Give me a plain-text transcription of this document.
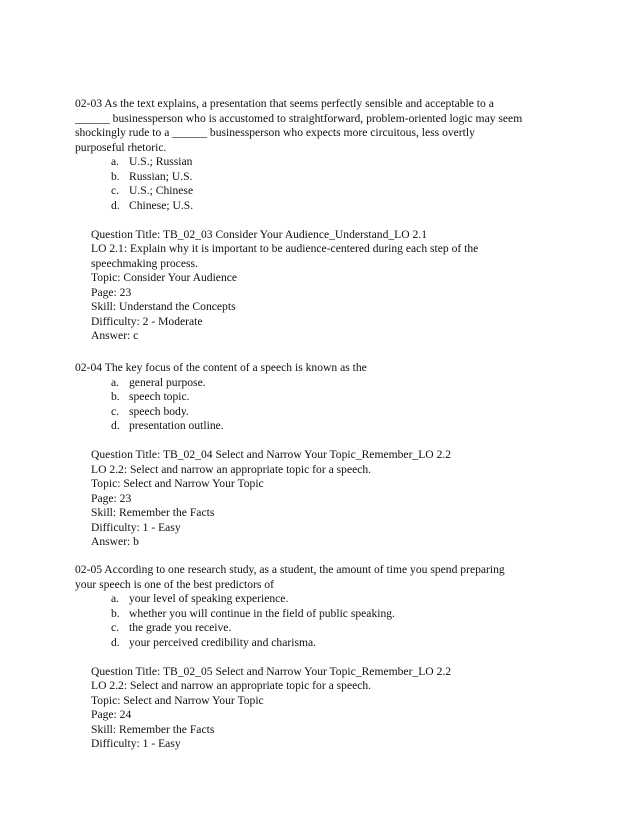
02-03 As the text explains, a presentation that seems perfectly sensible and acceptable to a
______ businessperson who is accustomed to straightforward, problem-oriented logic may seem
shockingly rude to a ______ businessperson who expects more circuitous, less overtly
purposeful rhetoric.
a. U.S.; Russian
b. Russian; U.S.
c. U.S.; Chinese
d. Chinese; U.S.
Question Title: TB_02_03 Consider Your Audience_Understand_LO 2.1
LO 2.1: Explain why it is important to be audience-centered during each step of the
speechmaking process.
Topic: Consider Your Audience
Page: 23
Skill: Understand the Concepts
Difficulty: 2 - Moderate
Answer: c
02-04 The key focus of the content of a speech is known as the
a. general purpose.
b. speech topic.
c. speech body.
d. presentation outline.
Question Title: TB_02_04 Select and Narrow Your Topic_Remember_LO 2.2
LO 2.2: Select and narrow an appropriate topic for a speech.
Topic: Select and Narrow Your Topic
Page: 23
Skill: Remember the Facts
Difficulty: 1 - Easy
Answer: b
02-05 According to one research study, as a student, the amount of time you spend preparing
your speech is one of the best predictors of
a. your level of speaking experience.
b. whether you will continue in the field of public speaking.
c. the grade you receive.
d. your perceived credibility and charisma.
Question Title: TB_02_05 Select and Narrow Your Topic_Remember_LO 2.2
LO 2.2: Select and narrow an appropriate topic for a speech.
Topic: Select and Narrow Your Topic
Page: 24
Skill: Remember the Facts
Difficulty: 1 - Easy
